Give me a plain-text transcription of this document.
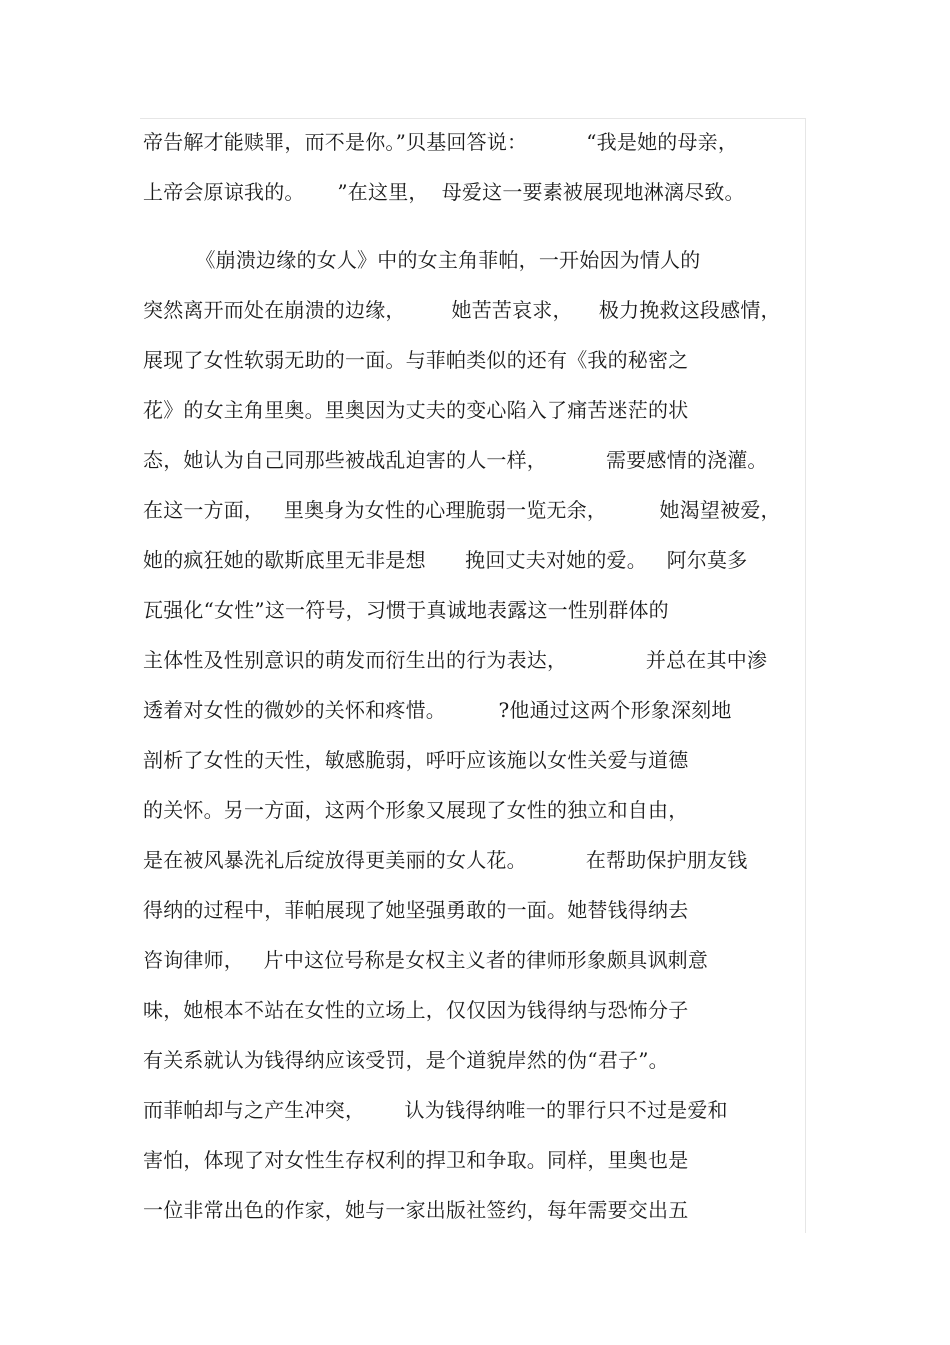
帝告解才能赎罪，而不是你。”贝基回答说：         “我是她的母亲，
上帝会原谅我的。     ”在这里，  母爱这一要素被展现地淋漓尽致。
《崩溃边缘的女人》中的女主角菲帕，一开始因为情人的
突然离开而处在崩溃的边缘，       她苦苦哀求，    极力挽救这段感情，
展现了女性软弱无助的一面。与菲帕类似的还有《我的秘密之
花》的女主角里奥。里奥因为丈夫的变心陷入了痛苦迷茫的状
态，她认为自己同那些被战乱迫害的人一样，         需要感情的浇灌。
在这一方面，   里奥身为女性的心理脆弱一览无余，        她渴望被爱，
她的疯狂她的歇斯底里无非是想      挽回丈夫对她的爱。   阿尔莫多
瓦强化“女性”这一符号，习惯于真诚地表露这一性别群体的
主体性及性别意识的萌发而衍生出的行为表达，            并总在其中渗
透着对女性的微妙的关怀和疼惜。        ?他通过这两个形象深刻地
剖析了女性的天性，敏感脆弱，呼吁应该施以女性关爱与道德
的关怀。另一方面，这两个形象又展现了女性的独立和自由，
是在被风暴洗礼后绽放得更美丽的女人花。         在帮助保护朋友钱
得纳的过程中，菲帕展现了她坚强勇敢的一面。她替钱得纳去
咨询律师，   片中这位号称是女权主义者的律师形象颇具讽刺意
味，她根本不站在女性的立场上，仅仅因为钱得纳与恐怖分子
有关系就认为钱得纳应该受罚，是个道貌岸然的伪“君子”。
而菲帕却与之产生冲突，      认为钱得纳唯一的罪行只不过是爱和
害怕，体现了对女性生存权利的捍卫和争取。同样，里奥也是
一位非常出色的作家，她与一家出版社签约，每年需要交出五
